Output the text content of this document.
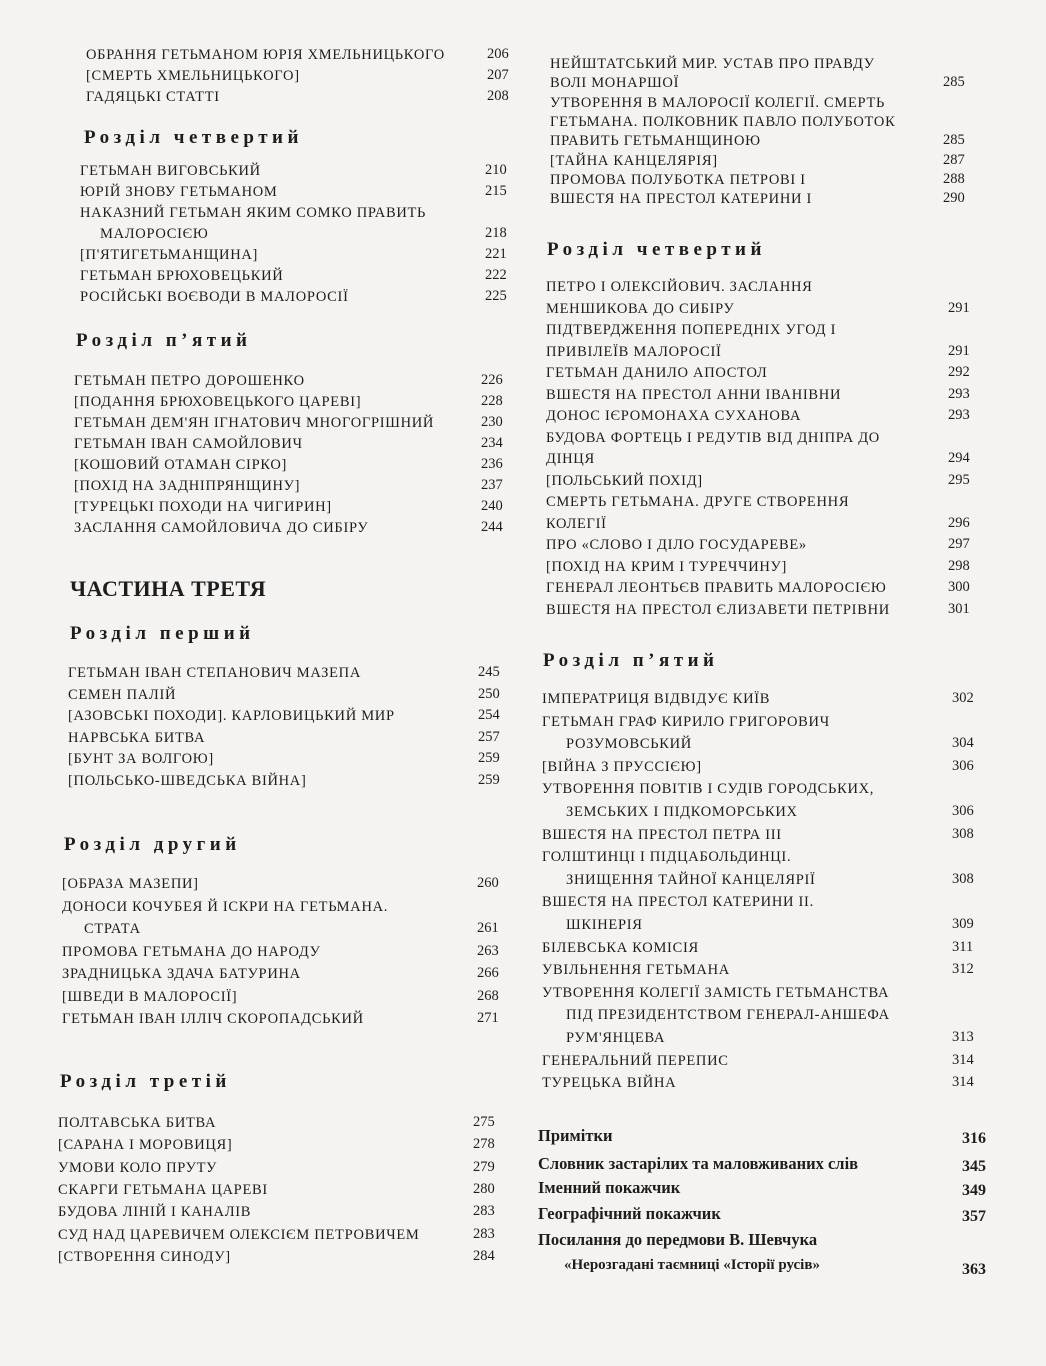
ОБРАННЯ ГЕТЬМАНОМ ЮРІЯ ХМЕЛЬНИЦЬКОГО	206
[СМЕРТЬ ХМЕЛЬНИЦЬКОГО]	207
ГАДЯЦЬКІ СТАТТІ	208
Розділ четвертий
ГЕТЬМАН ВИГОВСЬКИЙ	210
ЮРІЙ ЗНОВУ ГЕТЬМАНОМ	215
НАКАЗНИЙ ГЕТЬМАН ЯКИМ СОМКО ПРАВИТЬ
МАЛОРОСІЄЮ	218
[П'ЯТИГЕТЬМАНЩИНА]	221
ГЕТЬМАН БРЮХОВЕЦЬКИЙ	222
РОСІЙСЬКІ ВОЄВОДИ В МАЛОРОСІЇ	225
Розділ п’ятий
ГЕТЬМАН ПЕТРО ДОРОШЕНКО	226
[ПОДАННЯ БРЮХОВЕЦЬКОГО ЦАРЕВІ]	228
ГЕТЬМАН ДЕМ'ЯН ІГНАТОВИЧ МНОГОГРІШНИЙ	230
ГЕТЬМАН ІВАН САМОЙЛОВИЧ	234
[КОШОВИЙ ОТАМАН СІРКО]	236
[ПОХІД НА ЗАДНІПРЯНЩИНУ]	237
[ТУРЕЦЬКІ ПОХОДИ НА ЧИГИРИН]	240
ЗАСЛАННЯ САМОЙЛОВИЧА ДО СИБІРУ	244
ЧАСТИНА ТРЕТЯ
Розділ перший
ГЕТЬМАН ІВАН СТЕПАНОВИЧ МАЗЕПА	245
СЕМЕН ПАЛІЙ	250
[АЗОВСЬКІ ПОХОДИ]. КАРЛОВИЦЬКИЙ МИР	254
НАРВСЬКА БИТВА	257
[БУНТ ЗА ВОЛГОЮ]	259
[ПОЛЬСЬКО-ШВЕДСЬКА ВІЙНА]	259
Розділ другий
[ОБРАЗА МАЗЕПИ]	260
ДОНОСИ КОЧУБЕЯ Й ІСКРИ НА ГЕТЬМАНА.
СТРАТА	261
ПРОМОВА ГЕТЬМАНА ДО НАРОДУ	263
ЗРАДНИЦЬКА ЗДАЧА БАТУРИНА	266
[ШВЕДИ В МАЛОРОСІЇ]	268
ГЕТЬМАН ІВАН ІЛЛІЧ СКОРОПАДСЬКИЙ	271
Розділ третій
ПОЛТАВСЬКА БИТВА	275
[САРАНА І МОРОВИЦЯ]	278
УМОВИ КОЛО ПРУТУ	279
СКАРГИ ГЕТЬМАНА ЦАРЕВІ	280
БУДОВА ЛІНІЙ І КАНАЛІВ	283
СУД НАД ЦАРЕВИЧЕМ ОЛЕКСІЄМ ПЕТРОВИЧЕМ	283
[СТВОРЕННЯ СИНОДУ]	284
НЕЙШТАТСЬКИЙ МИР. УСТАВ ПРО ПРАВДУ
ВОЛІ МОНАРШОЇ	285
УТВОРЕННЯ В МАЛОРОСІЇ КОЛЕГІЇ. СМЕРТЬ
ГЕТЬМАНА. ПОЛКОВНИК ПАВЛО ПОЛУБОТОК
ПРАВИТЬ ГЕТЬМАНЩИНОЮ	285
[ТАЙНА КАНЦЕЛЯРІЯ]	287
ПРОМОВА ПОЛУБОТКА ПЕТРОВІ І	288
ВШЕСТЯ НА ПРЕСТОЛ КАТЕРИНИ І	290
Розділ четвертий
ПЕТРО І ОЛЕКСІЙОВИЧ. ЗАСЛАННЯ
МЕНШИКОВА ДО СИБІРУ	291
ПІДТВЕРДЖЕННЯ ПОПЕРЕДНІХ УГОД І
ПРИВІЛЕЇВ МАЛОРОСІЇ	291
ГЕТЬМАН ДАНИЛО АПОСТОЛ	292
ВШЕСТЯ НА ПРЕСТОЛ АННИ ІВАНІВНИ	293
ДОНОС ІЄРОМОНАХА СУХАНОВА	293
БУДОВА ФОРТЕЦЬ І РЕДУТІВ ВІД ДНІПРА ДО
ДІНЦЯ	294
[ПОЛЬСЬКИЙ ПОХІД]	295
СМЕРТЬ ГЕТЬМАНА. ДРУГЕ СТВОРЕННЯ
КОЛЕГІЇ	296
ПРО «СЛОВО І ДІЛО ГОСУДАРЕВЕ»	297
[ПОХІД НА КРИМ І ТУРЕЧЧИНУ]	298
ГЕНЕРАЛ ЛЕОНТЬЄВ ПРАВИТЬ МАЛОРОСІЄЮ	300
ВШЕСТЯ НА ПРЕСТОЛ ЄЛИЗАВЕТИ ПЕТРІВНИ	301
Розділ п’ятий
ІМПЕРАТРИЦЯ ВІДВІДУЄ КИЇВ	302
ГЕТЬМАН ГРАФ КИРИЛО ГРИГОРОВИЧ
РОЗУМОВСЬКИЙ	304
[ВІЙНА З ПРУССІЄЮ]	306
УТВОРЕННЯ ПОВІТІВ І СУДІВ ГОРОДСЬКИХ,
ЗЕМСЬКИХ І ПІДКОМОРСЬКИХ	306
ВШЕСТЯ НА ПРЕСТОЛ ПЕТРА ІІІ	308
ГОЛШТИНЦІ І ПІДЦАБОЛЬДИНЦІ.
ЗНИЩЕННЯ ТАЙНОЇ КАНЦЕЛЯРІЇ	308
ВШЕСТЯ НА ПРЕСТОЛ КАТЕРИНИ ІІ.
ШКІНЕРІЯ	309
БІЛЕВСЬКА КОМІСІЯ	311
УВІЛЬНЕННЯ ГЕТЬМАНА	312
УТВОРЕННЯ КОЛЕГІЇ ЗАМІСТЬ ГЕТЬМАНСТВА
ПІД ПРЕЗИДЕНТСТВОМ ГЕНЕРАЛ-АНШЕФА
РУМ'ЯНЦЕВА	313
ГЕНЕРАЛЬНИЙ ПЕРЕПИС	314
ТУРЕЦЬКА ВІЙНА	314
Примітки	316
Словник застарілих та маловживаних слів	345
Іменний покажчик	349
Географічний покажчик	357
Посилання до передмови В. Шевчука
«Нерозгадані таємниці «Історії русів»	363
